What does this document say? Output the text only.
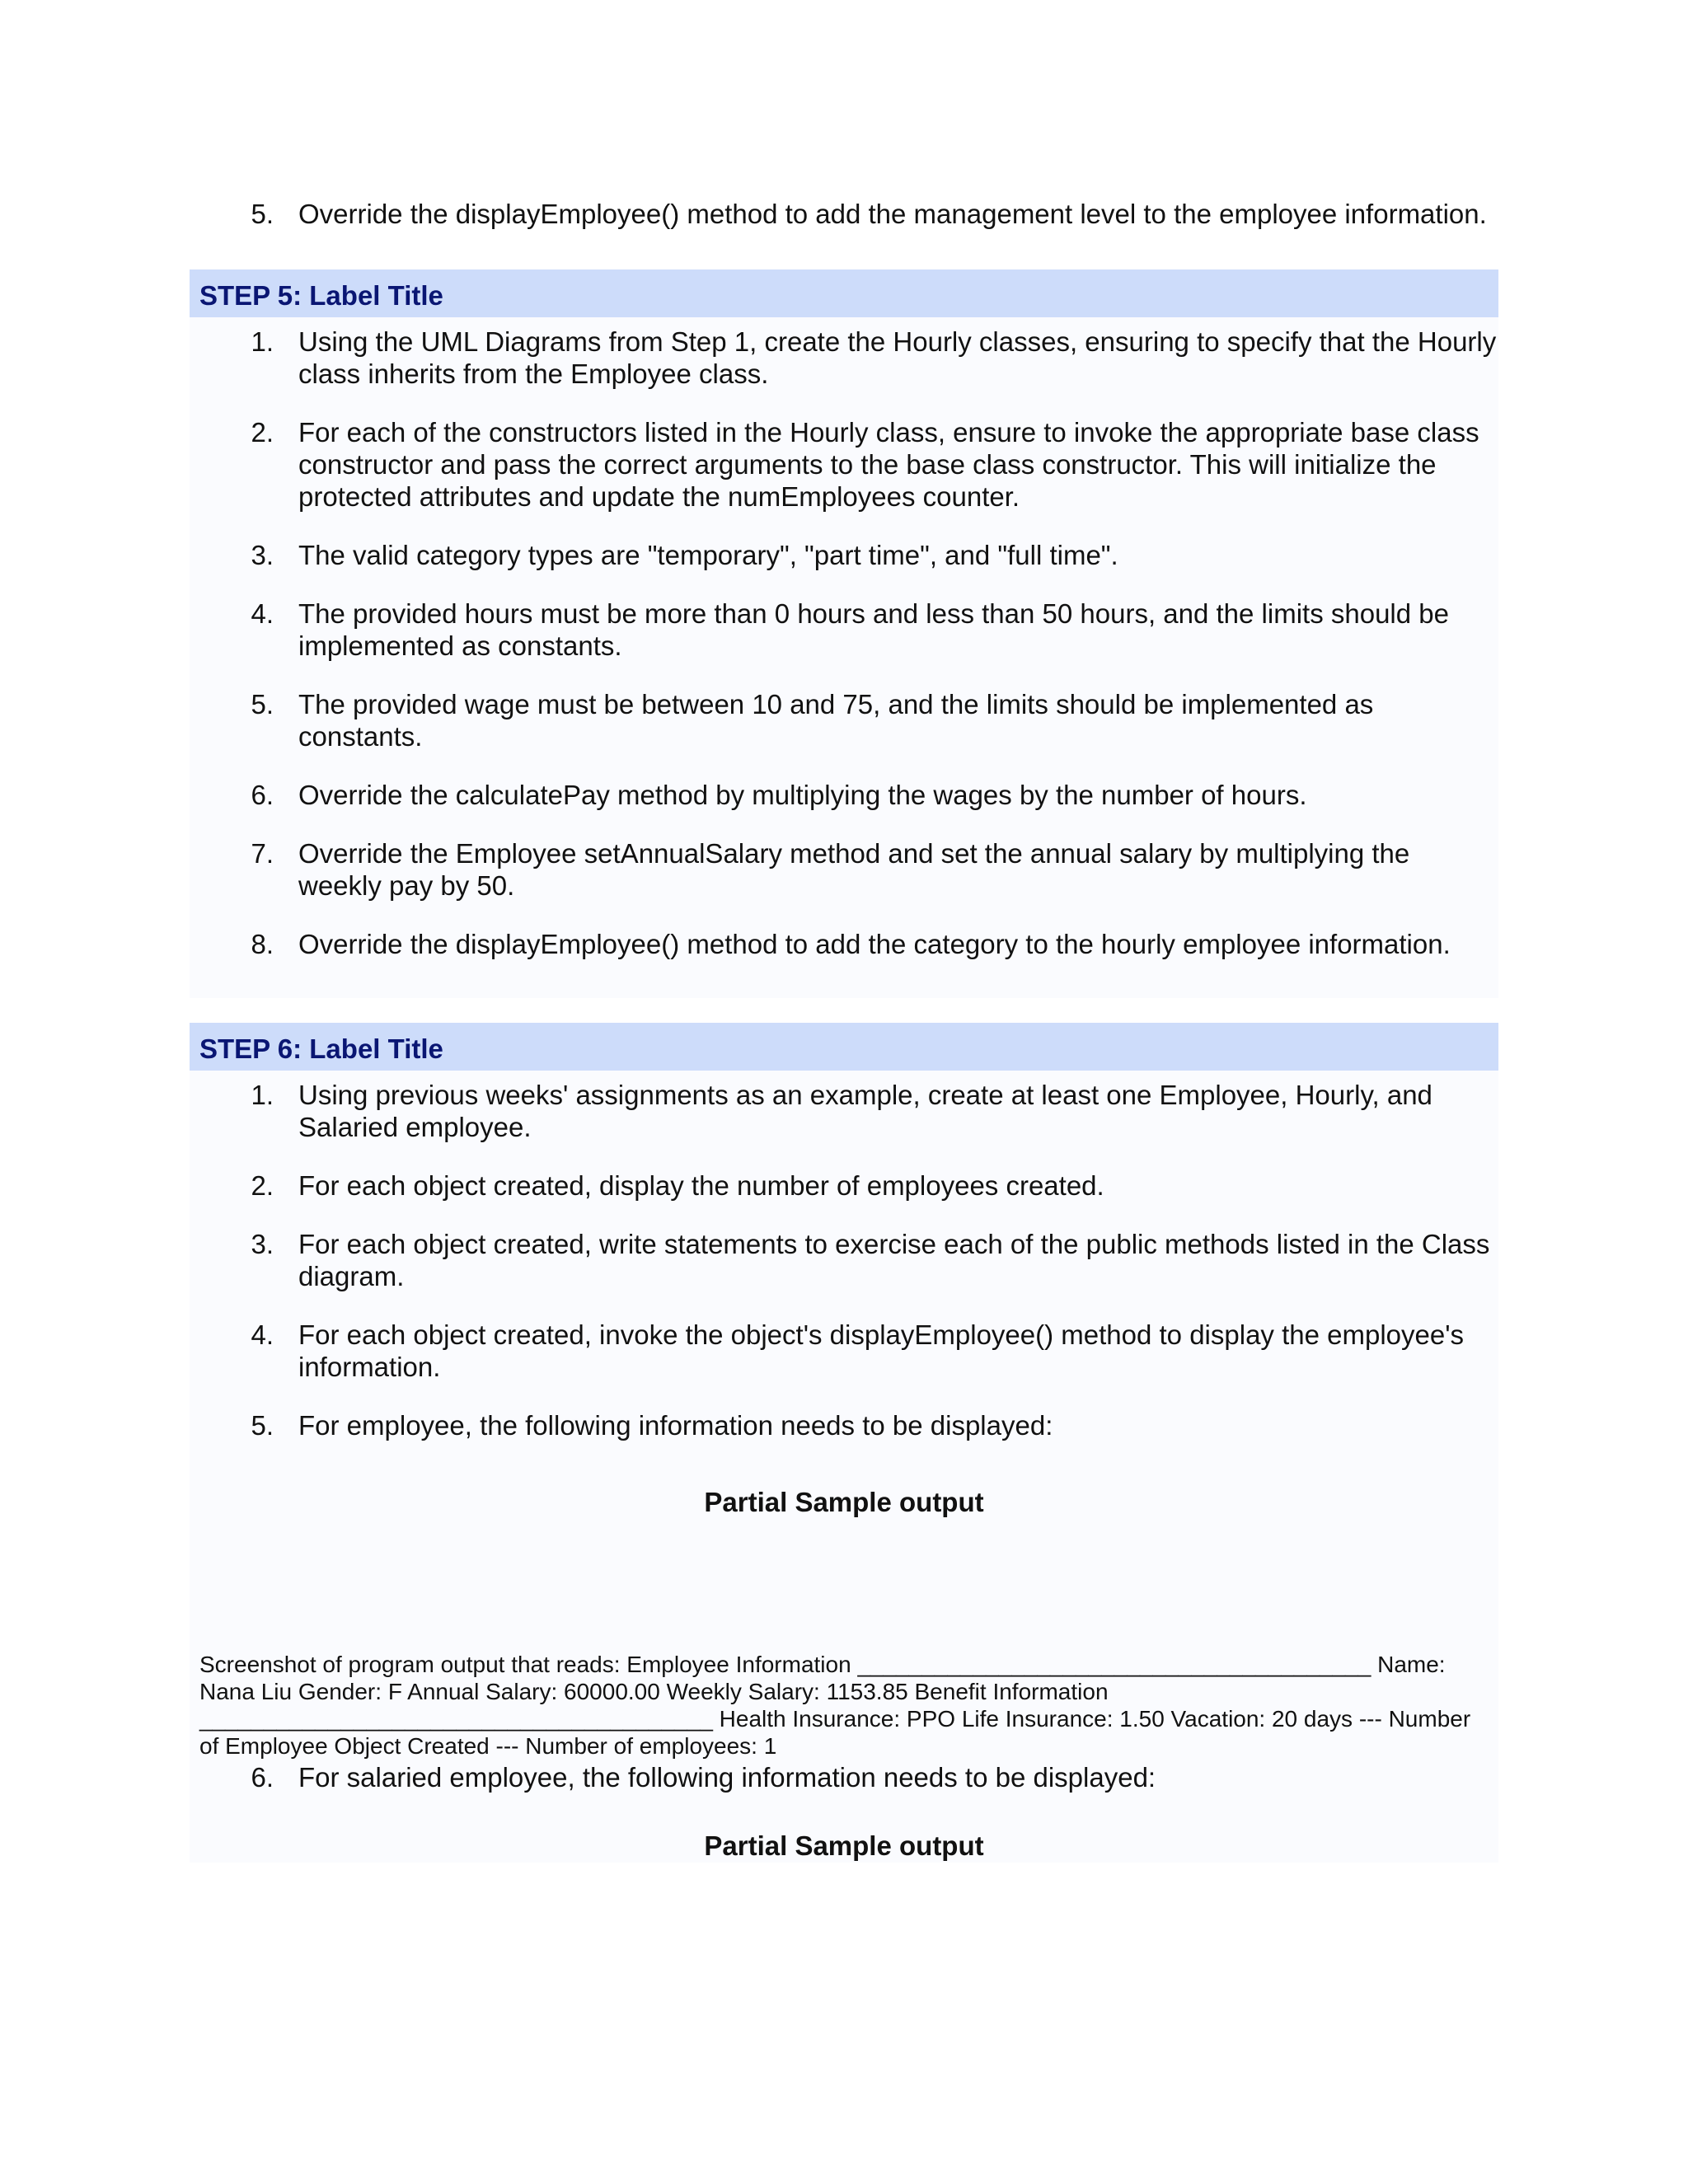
5. Override the displayEmployee() method to add the management level to the employee information.
STEP 5: Label Title
1. Using the UML Diagrams from Step 1, create the Hourly classes, ensuring to specify that the Hourly class inherits from the Employee class.
2. For each of the constructors listed in the Hourly class, ensure to invoke the appropriate base class constructor and pass the correct arguments to the base class constructor. This will initialize the protected attributes and update the numEmployees counter.
3. The valid category types are "temporary", "part time", and "full time".
4. The provided hours must be more than 0 hours and less than 50 hours, and the limits should be implemented as constants.
5. The provided wage must be between 10 and 75, and the limits should be implemented as constants.
6. Override the calculatePay method by multiplying the wages by the number of hours.
7. Override the Employee setAnnualSalary method and set the annual salary by multiplying the weekly pay by 50.
8. Override the displayEmployee() method to add the category to the hourly employee information.
STEP 6: Label Title
1. Using previous weeks' assignments as an example, create at least one Employee, Hourly, and Salaried employee.
2. For each object created, display the number of employees created.
3. For each object created, write statements to exercise each of the public methods listed in the Class diagram.
4. For each object created, invoke the object's displayEmployee() method to display the employee's information.
5. For employee, the following information needs to be displayed:
Partial Sample output
Screenshot of program output that reads: Employee Information ________________________________________ Name: Nana Liu Gender: F Annual Salary: 60000.00 Weekly Salary: 1153.85 Benefit Information ________________________________________ Health Insurance: PPO Life Insurance: 1.50 Vacation: 20 days --- Number of Employee Object Created --- Number of employees: 1
6. For salaried employee, the following information needs to be displayed:
Partial Sample output
